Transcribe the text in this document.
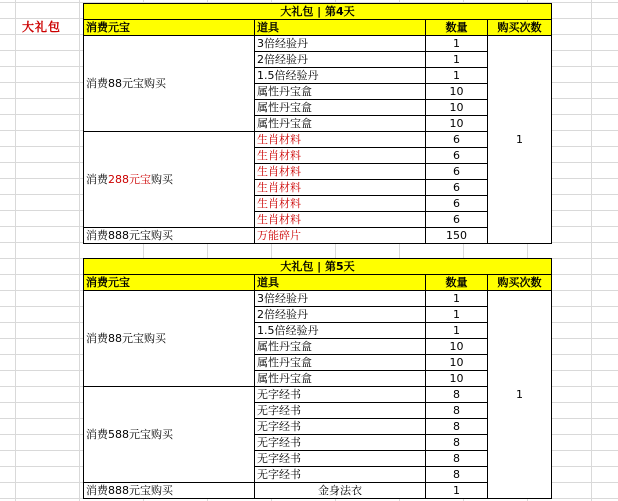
大礼包
大礼包 | 第4天			
消费元宝	道具	数量	购买次数
消费88元宝购买	3倍经验丹	1	1
	2倍经验丹	1	
	1.5倍经验丹	1	
	属性丹宝盒	10	
	属性丹宝盒	10	
	属性丹宝盒	10	
消费288元宝购买	生肖材料	6	
	生肖材料	6	
	生肖材料	6	
	生肖材料	6	
	生肖材料	6	
	生肖材料	6	
消费888元宝购买	万能碎片	150	
大礼包 | 第5天			
消费元宝	道具	数量	购买次数
消费88元宝购买	3倍经验丹	1	1
	2倍经验丹	1	
	1.5倍经验丹	1	
	属性丹宝盒	10	
	属性丹宝盒	10	
	属性丹宝盒	10	
消费588元宝购买	无字经书	8	
	无字经书	8	
	无字经书	8	
	无字经书	8	
	无字经书	8	
	无字经书	8	
消费888元宝购买	金身法衣	1	
